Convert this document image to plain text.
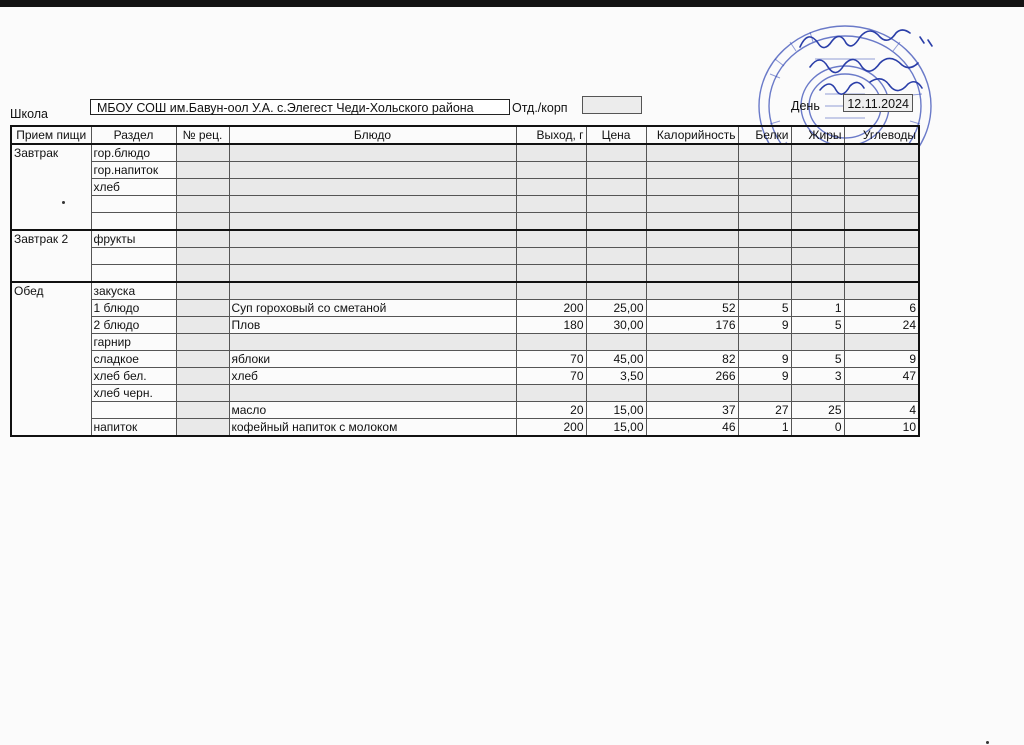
Школа	МБОУ СОШ им.Бавун-оол У.А. с.Элегест Чеди-Хольского района	Отд./корп	День	12.11.2024
Прием пищи	Раздел	№ рец.	Блюдо	Выход, г	Цена	Калорийность	Белки	Жиры	Углеводы
Завтрак	гор.блюдо								
	гор.напиток								
	хлеб								

Завтрак 2	фрукты								

Обед	закуска								
	1 блюдо		Суп гороховый со сметаной	200	25,00	52	5	1	6
	2 блюдо		Плов	180	30,00	176	9	5	24
	гарнир								
	сладкое		яблоки	70	45,00	82	9	5	9
	хлеб бел.		хлеб	70	3,50	266	9	3	47
	хлеб черн.								
			масло	20	15,00	37	27	25	4
	напиток		кофейный напиток с молоком	200	15,00	46	1	0	10
